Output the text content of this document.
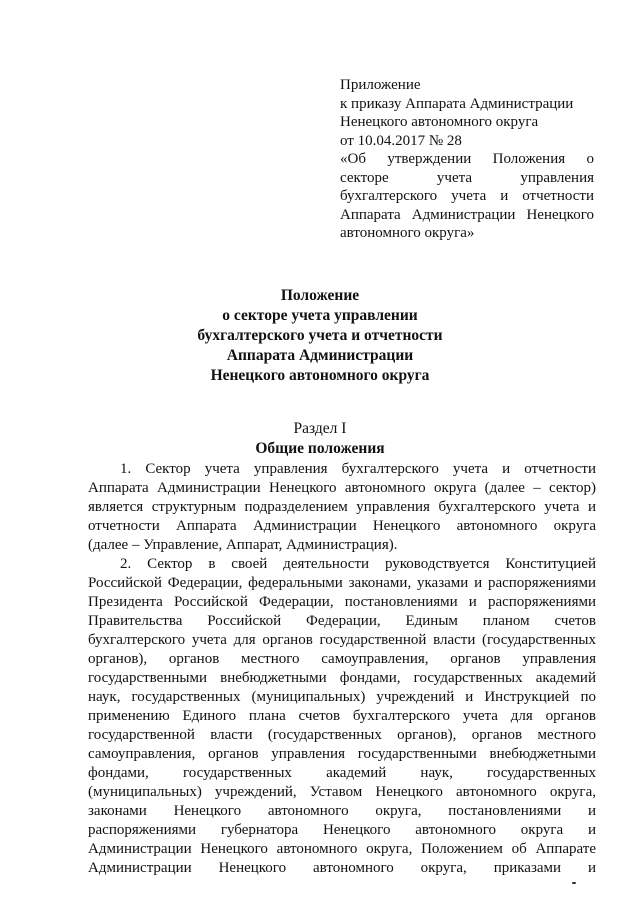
Приложение
к приказу Аппарата Администрации
Ненецкого автономного округа
от 10.04.2017 № 28
«Об утверждении Положения о
секторе учета управления
бухгалтерского учета и отчетности
Аппарата Администрации Ненецкого
автономного округа»
Положение
о секторе учета управлении
бухгалтерского учета и отчетности
Аппарата Администрации
Ненецкого автономного округа
Раздел I
Общие положения
1. Сектор учета управления бухгалтерского учета и отчетности
Аппарата Администрации Ненецкого автономного округа (далее – сектор)
является структурным подразделением управления бухгалтерского учета и
отчетности Аппарата Администрации Ненецкого автономного округа
(далее – Управление, Аппарат, Администрация).
2. Сектор в своей деятельности руководствуется Конституцией
Российской Федерации, федеральными законами, указами и распоряжениями
Президента Российской Федерации, постановлениями и распоряжениями
Правительства Российской Федерации, Единым планом счетов
бухгалтерского учета для органов государственной власти (государственных
органов), органов местного самоуправления, органов управления
государственными внебюджетными фондами, государственных академий
наук, государственных (муниципальных) учреждений и Инструкцией по
применению Единого плана счетов бухгалтерского учета для органов
государственной власти (государственных органов), органов местного
самоуправления, органов управления государственными внебюджетными
фондами, государственных академий наук, государственных
(муниципальных) учреждений, Уставом Ненецкого автономного округа,
законами Ненецкого автономного округа, постановлениями и
распоряжениями губернатора Ненецкого автономного округа и
Администрации Ненецкого автономного округа, Положением об Аппарате
Администрации Ненецкого автономного округа, приказами и
